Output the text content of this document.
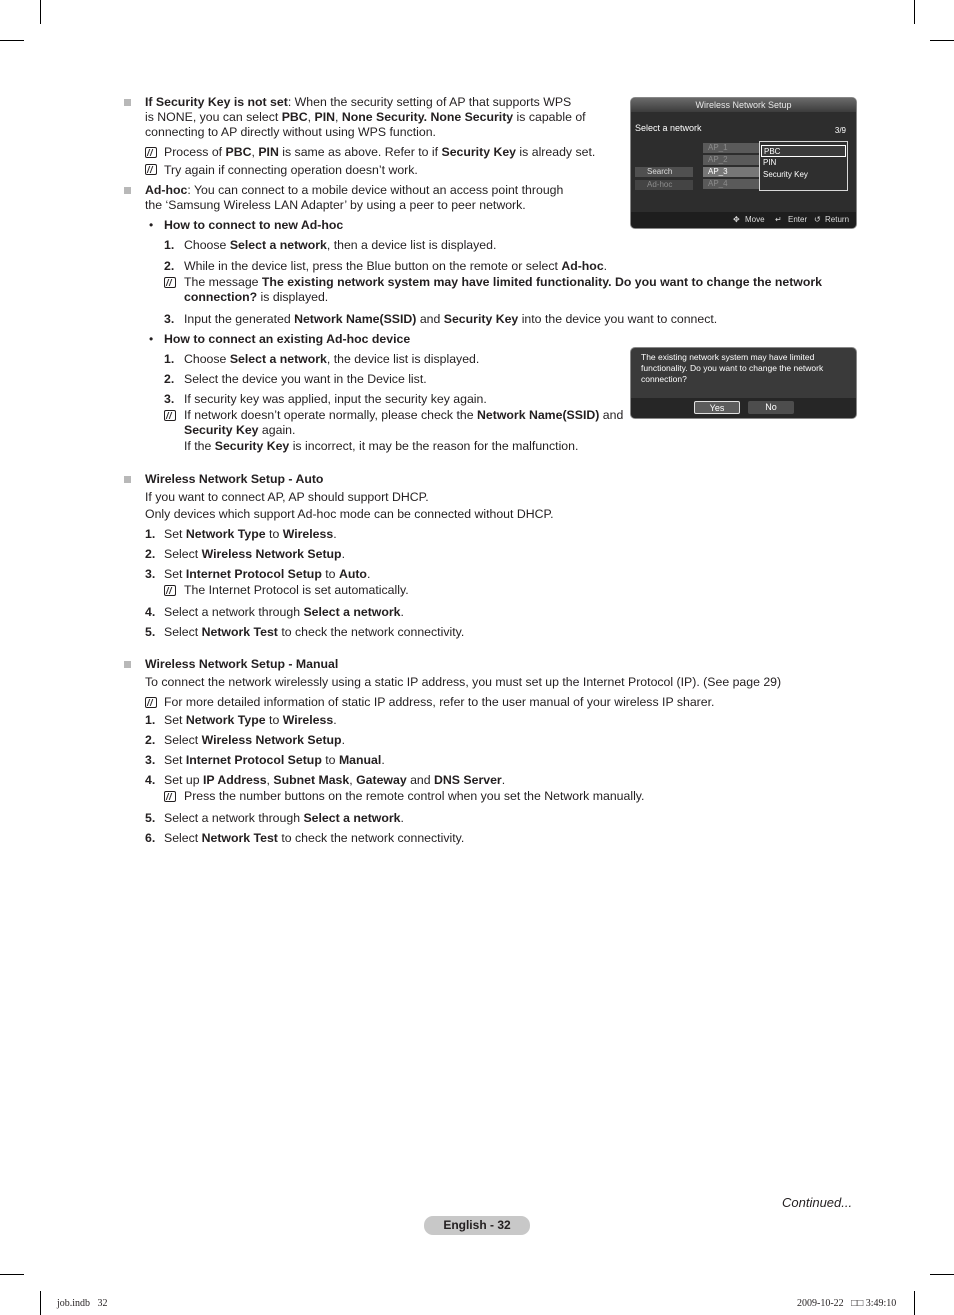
If Security Key is not set: When the security setting of AP that supports WPS
is NONE, you can select PBC, PIN, None Security. None Security is capable of
connecting to AP directly without using WPS function.
Process of PBC, PIN is same as above. Refer to if Security Key is already set.
Try again if connecting operation doesn’t work.
Ad-hoc: You can connect to a mobile device without an access point through
the ‘Samsung Wireless LAN Adapter’ by using a peer to peer network.
• How to connect to new Ad-hoc
1. Choose Select a network, then a device list is displayed.
2. While in the device list, press the Blue button on the remote or select Ad-hoc.
The message The existing network system may have limited functionality. Do you want to change the network
connection? is displayed.
3. Input the generated Network Name(SSID) and Security Key into the device you want to connect.
• How to connect an existing Ad-hoc device
1. Choose Select a network, the device list is displayed.
2. Select the device you want in the Device list.
3. If security key was applied, input the security key again.
If network doesn’t operate normally, please check the Network Name(SSID) and
Security Key again.
If the Security Key is incorrect, it may be the reason for the malfunction.
Wireless Network Setup - Auto
If you want to connect AP, AP should support DHCP.
Only devices which support Ad-hoc mode can be connected without DHCP.
1. Set Network Type to Wireless.
2. Select Wireless Network Setup.
3. Set Internet Protocol Setup to Auto.
The Internet Protocol is set automatically.
4. Select a network through Select a network.
5. Select Network Test to check the network connectivity.
Wireless Network Setup - Manual
To connect the network wirelessly using a static IP address, you must set up the Internet Protocol (IP). (See page 29)
For more detailed information of static IP address, refer to the user manual of your wireless IP sharer.
1. Set Network Type to Wireless.
2. Select Wireless Network Setup.
3. Set Internet Protocol Setup to Manual.
4. Set up IP Address, Subnet Mask, Gateway and DNS Server.
Press the number buttons on the remote control when you set the Network manually.
5. Select a network through Select a network.
6. Select Network Test to check the network connectivity.
Wireless Network Setup
Select a network	3/9
Search
Ad-hoc
AP_1
AP_2
AP_3
AP_4
PBC
PIN
Security Key
✥ Move ↵ Enter ↺ Return
The existing network system may have limited
functionality. Do you want to change the network
connection?
Yes	No
Continued...
English - 32
job.indb   32	2009-10-22   □□ 3:49:10
